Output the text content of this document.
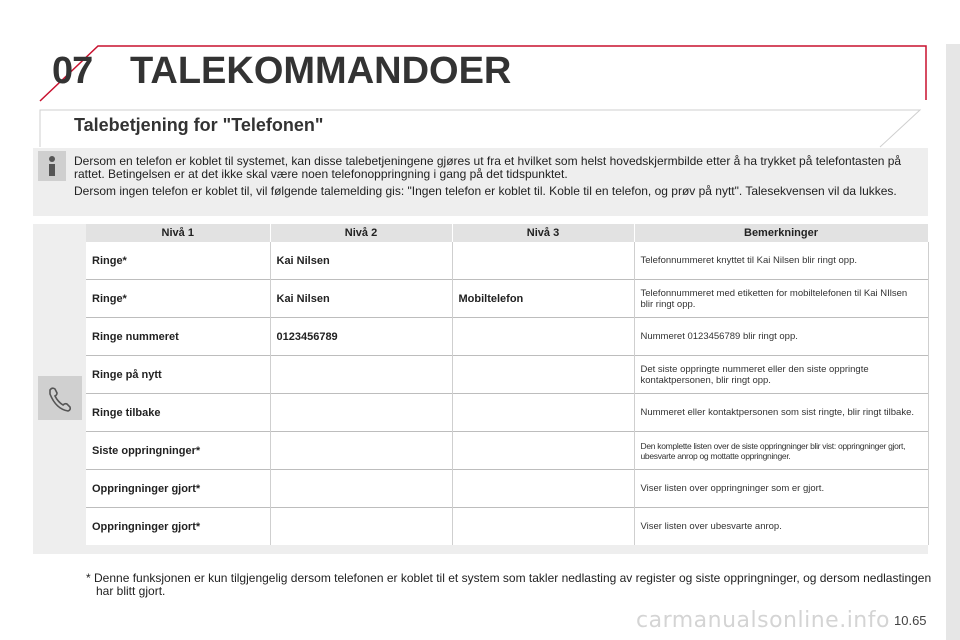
07 TALEKOMMANDOER
Talebetjening for "Telefonen"

Dersom en telefon er koblet til systemet, kan disse talebetjeningene gjøres ut fra et hvilket som helst hovedskjermbilde etter å ha trykket på telefontasten på rattet. Betingelsen er at det ikke skal være noen telefonoppringning i gang på det tidspunktet.

Dersom ingen telefon er koblet til, vil følgende talemelding gis: "Ingen telefon er koblet til. Koble til en telefon, og prøv på nytt". Talesekvensen vil da lukkes.

Nivå 1	Nivå 2	Nivå 3	Bemerkninger
Ringe*	Kai Nilsen		Telefonnummeret knyttet til Kai Nilsen blir ringt opp.
Ringe*	Kai Nilsen	Mobiltelefon	Telefonnummeret med etiketten for mobiltelefonen til Kai NIlsen blir ringt opp.
Ringe nummeret	0123456789		Nummeret 0123456789 blir ringt opp.
Ringe på nytt			Det siste oppringte nummeret eller den siste oppringte kontaktpersonen, blir ringt opp.
Ringe tilbake			Nummeret eller kontaktpersonen som sist ringte, blir ringt tilbake.
Siste oppringninger*			Den komplette listen over de siste oppringninger blir vist: oppringninger gjort, ubesvarte anrop og mottatte oppringninger.
Oppringninger gjort*			Viser listen over oppringninger som er gjort.
Oppringninger gjort*			Viser listen over ubesvarte anrop.
* Denne funksjonen er kun tilgjengelig dersom telefonen er koblet til et system som takler nedlasting av register og siste oppringninger, og dersom nedlastingen har blitt gjort.
carmanualsonline.info 10.65
